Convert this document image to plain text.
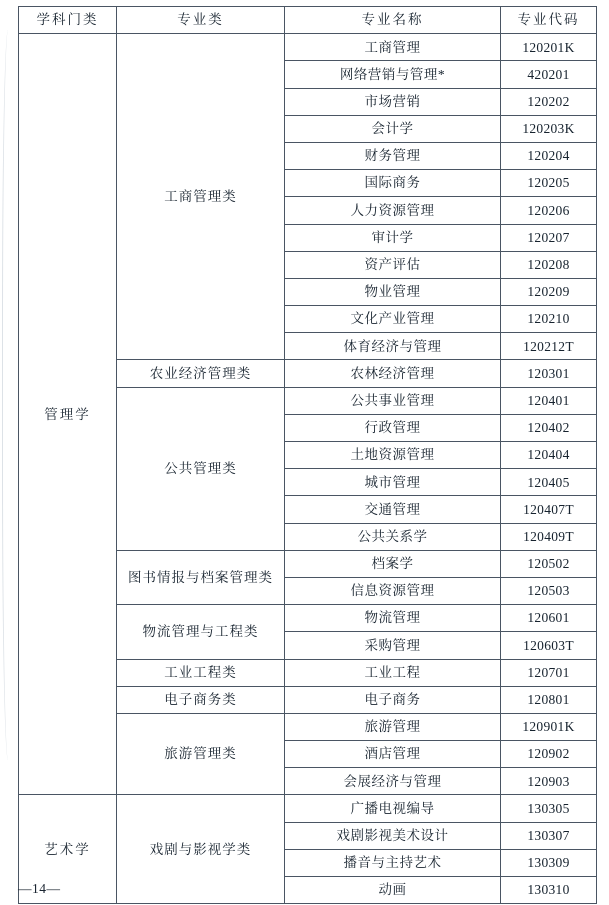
学科门类	专业类	专业名称	专业代码
管理学	工商管理类	工商管理	120201K
		网络营销与管理*	420201
		市场营销	120202
		会计学	120203K
		财务管理	120204
		国际商务	120205
		人力资源管理	120206
		审计学	120207
		资产评估	120208
		物业管理	120209
		文化产业管理	120210
		体育经济与管理	120212T
	农业经济管理类	农林经济管理	120301
	公共管理类	公共事业管理	120401
		行政管理	120402
		土地资源管理	120404
		城市管理	120405
		交通管理	120407T
		公共关系学	120409T
	图书情报与档案管理类	档案学	120502
		信息资源管理	120503
	物流管理与工程类	物流管理	120601
		采购管理	120603T
	工业工程类	工业工程	120701
	电子商务类	电子商务	120801
	旅游管理类	旅游管理	120901K
		酒店管理	120902
		会展经济与管理	120903
艺术学	戏剧与影视学类	广播电视编导	130305
		戏剧影视美术设计	130307
		播音与主持艺术	130309
		动画	130310
—14—
